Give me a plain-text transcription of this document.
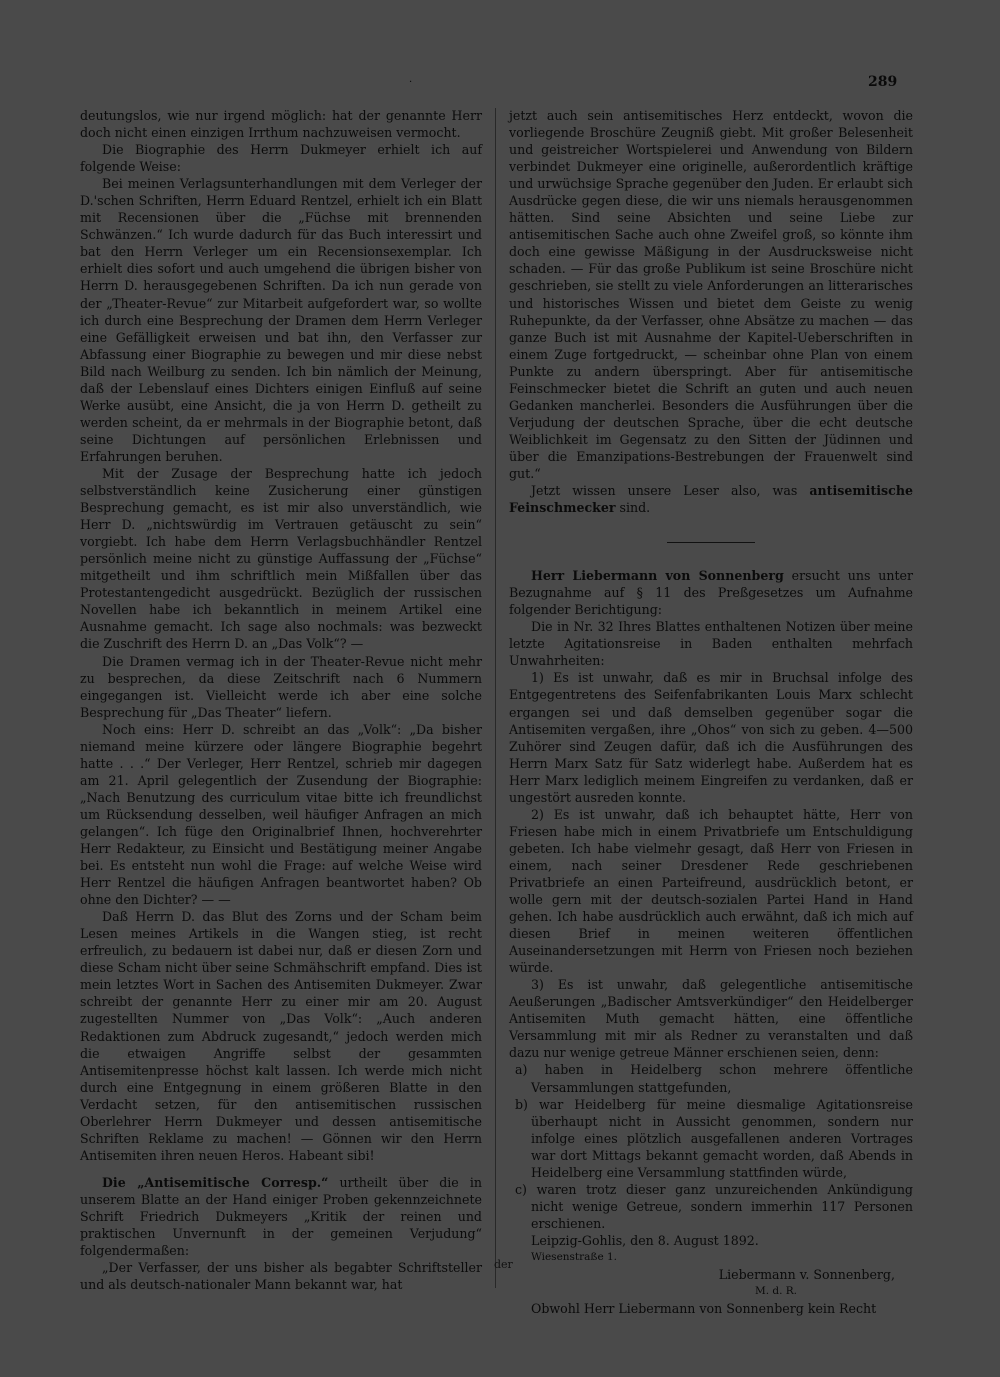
·	289

deutungslos, wie nur irgend möglich: hat der genannte Herr doch nicht einen einzigen Irrthum nachzuweisen vermocht.

Die Biographie des Herrn Dukmeyer erhielt ich auf folgende Weise:

Bei meinen Verlagsunterhandlungen mit dem Verleger der D.'schen Schriften, Herrn Eduard Rentzel, erhielt ich ein Blatt mit Recensionen über die „Füchse mit brennenden Schwänzen.“ Ich wurde dadurch für das Buch interessirt und bat den Herrn Verleger um ein Recensionsexemplar. Ich erhielt dies sofort und auch umgehend die übrigen bisher von Herrn D. herausgegebenen Schriften. Da ich nun gerade von der „Theater-Revue“ zur Mitarbeit aufgefordert war, so wollte ich durch eine Besprechung der Dramen dem Herrn Verleger eine Gefälligkeit erweisen und bat ihn, den Verfasser zur Abfassung einer Biographie zu bewegen und mir diese nebst Bild nach Weilburg zu senden. Ich bin nämlich der Meinung, daß der Lebenslauf eines Dichters einigen Einfluß auf seine Werke ausübt, eine Ansicht, die ja von Herrn D. getheilt zu werden scheint, da er mehrmals in der Biographie betont, daß seine Dichtungen auf persönlichen Erlebnissen und Erfahrungen beruhen.

Mit der Zusage der Besprechung hatte ich jedoch selbstverständlich keine Zusicherung einer günstigen Besprechung gemacht, es ist mir also unverständlich, wie Herr D. „nichtswürdig im Vertrauen getäuscht zu sein“ vorgiebt. Ich habe dem Herrn Verlagsbuchhändler Rentzel persönlich meine nicht zu günstige Auffassung der „Füchse“ mitgetheilt und ihm schriftlich mein Mißfallen über das Protestantengedicht ausgedrückt. Bezüglich der russischen Novellen habe ich bekanntlich in meinem Artikel eine Ausnahme gemacht. Ich sage also nochmals: was bezweckt die Zuschrift des Herrn D. an „Das Volk“? —

Die Dramen vermag ich in der Theater-Revue nicht mehr zu besprechen, da diese Zeitschrift nach 6 Nummern eingegangen ist. Vielleicht werde ich aber eine solche Besprechung für „Das Theater“ liefern.

Noch eins: Herr D. schreibt an das „Volk“: „Da bisher niemand meine kürzere oder längere Biographie begehrt hatte . . .“ Der Verleger, Herr Rentzel, schrieb mir dagegen am 21. April gelegentlich der Zusendung der Biographie: „Nach Benutzung des curriculum vitae bitte ich freundlichst um Rücksendung desselben, weil häufiger Anfragen an mich gelangen“. Ich füge den Originalbrief Ihnen, hochverehrter Herr Redakteur, zu Einsicht und Bestätigung meiner Angabe bei. Es entsteht nun wohl die Frage: auf welche Weise wird Herr Rentzel die häufigen Anfragen beantwortet haben? Ob ohne den Dichter? — —

Daß Herrn D. das Blut des Zorns und der Scham beim Lesen meines Artikels in die Wangen stieg, ist recht erfreulich, zu bedauern ist dabei nur, daß er diesen Zorn und diese Scham nicht über seine Schmähschrift empfand. Dies ist mein letztes Wort in Sachen des Antisemiten Dukmeyer. Zwar schreibt der genannte Herr zu einer mir am 20. August zugestellten Nummer von „Das Volk“: „Auch anderen Redaktionen zum Abdruck zugesandt,“ jedoch werden mich die etwaigen Angriffe selbst der gesammten Antisemitenpresse höchst kalt lassen. Ich werde mich nicht durch eine Entgegnung in einem größeren Blatte in den Verdacht setzen, für den antisemitischen russischen Oberlehrer Herrn Dukmeyer und dessen antisemitische Schriften Reklame zu machen! — Gönnen wir den Herrn Antisemiten ihren neuen Heros. Habeant sibi!

Die „Antisemitische Corresp.“ urtheilt über die in unserem Blatte an der Hand einiger Proben gekennzeichnete Schrift Friedrich Dukmeyers „Kritik der reinen und praktischen Unvernunft in der gemeinen Verjudung“ folgendermaßen:

„Der Verfasser, der uns bisher als begabter Schriftsteller und als deutsch-nationaler Mann bekannt war, hat

jetzt auch sein antisemitisches Herz entdeckt, wovon die vorliegende Broschüre Zeugniß giebt. Mit großer Belesenheit und geistreicher Wortspielerei und Anwendung von Bildern verbindet Dukmeyer eine originelle, außerordentlich kräftige und urwüchsige Sprache gegenüber den Juden. Er erlaubt sich Ausdrücke gegen diese, die wir uns niemals herausgenommen hätten. Sind seine Absichten und seine Liebe zur antisemitischen Sache auch ohne Zweifel groß, so könnte ihm doch eine gewisse Mäßigung in der Ausdrucksweise nicht schaden. — Für das große Publikum ist seine Broschüre nicht geschrieben, sie stellt zu viele Anforderungen an litterarisches und historisches Wissen und bietet dem Geiste zu wenig Ruhepunkte, da der Verfasser, ohne Absätze zu machen — das ganze Buch ist mit Ausnahme der Kapitel-Ueberschriften in einem Zuge fortgedruckt, — scheinbar ohne Plan von einem Punkte zu andern überspringt. Aber für antisemitische Feinschmecker bietet die Schrift an guten und auch neuen Gedanken mancherlei. Besonders die Ausführungen über die Verjudung der deutschen Sprache, über die echt deutsche Weiblichkeit im Gegensatz zu den Sitten der Jüdinnen und über die Emanzipations-Bestrebungen der Frauenwelt sind gut.“

Jetzt wissen unsere Leser also, was antisemitische Feinschmecker sind.

Herr Liebermann von Sonnenberg ersucht uns unter Bezugnahme auf § 11 des Preßgesetzes um Aufnahme folgender Berichtigung:

Die in Nr. 32 Ihres Blattes enthaltenen Notizen über meine letzte Agitationsreise in Baden enthalten mehrfach Unwahrheiten:

1) Es ist unwahr, daß es mir in Bruchsal infolge des Entgegentretens des Seifenfabrikanten Louis Marx schlecht ergangen sei und daß demselben gegenüber sogar die Antisemiten vergaßen, ihre „Ohos“ von sich zu geben. 4—500 Zuhörer sind Zeugen dafür, daß ich die Ausführungen des Herrn Marx Satz für Satz widerlegt habe. Außerdem hat es Herr Marx lediglich meinem Eingreifen zu verdanken, daß er ungestört ausreden konnte.

2) Es ist unwahr, daß ich behauptet hätte, Herr von Friesen habe mich in einem Privatbriefe um Entschuldigung gebeten. Ich habe vielmehr gesagt, daß Herr von Friesen in einem, nach seiner Dresdener Rede geschriebenen Privatbriefe an einen Parteifreund, ausdrücklich betont, er wolle gern mit der deutsch-sozialen Partei Hand in Hand gehen. Ich habe ausdrücklich auch erwähnt, daß ich mich auf diesen Brief in meinen weiteren öffentlichen Auseinandersetzungen mit Herrn von Friesen noch beziehen würde.

3) Es ist unwahr, daß gelegentliche antisemitische Aeußerungen „Badischer Amtsverkündiger“ den Heidelberger Antisemiten Muth gemacht hätten, eine öffentliche Versammlung mit mir als Redner zu veranstalten und daß dazu nur wenige getreue Männer erschienen seien, denn:

a) haben in Heidelberg schon mehrere öffentliche Versammlungen stattgefunden,
b) war Heidelberg für meine diesmalige Agitationsreise überhaupt nicht in Aussicht genommen, sondern nur infolge eines plötzlich ausgefallenen anderen Vortrages war dort Mittags bekannt gemacht worden, daß Abends in Heidelberg eine Versammlung stattfinden würde,
c) waren trotz dieser ganz unzureichenden Ankündigung nicht wenige Getreue, sondern immerhin 117 Personen erschienen.
Leipzig-Gohlis, den 8. August 1892.
Wiesenstraße 1.
Liebermann v. Sonnenberg,
M. d. R.

Obwohl Herr Liebermann von Sonnenberg kein Recht

der
